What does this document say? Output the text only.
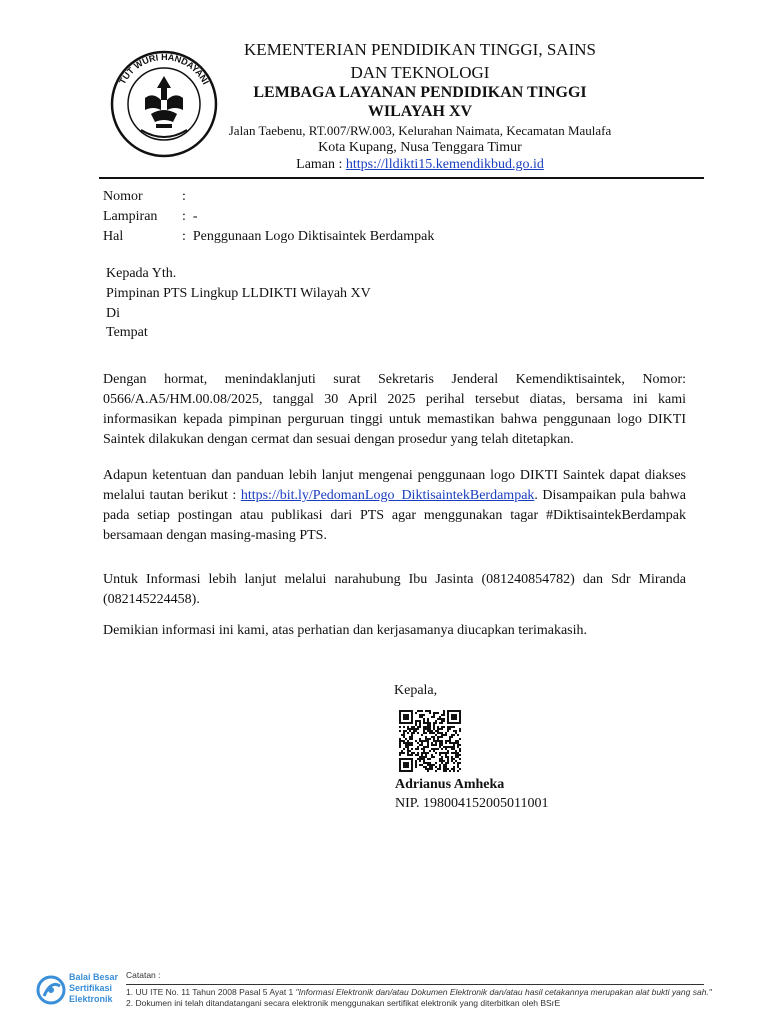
TUT WURI HANDAYANI
KEMENTERIAN PENDIDIKAN TINGGI, SAINS
DAN TEKNOLOGI
LEMBAGA LAYANAN PENDIDIKAN TINGGI
WILAYAH XV
Jalan Taebenu, RT.007/RW.003, Kelurahan Naimata, Kecamatan Maulafa
Kota Kupang, Nusa Tenggara Timur
Laman : https://lldikti15.kemendikbud.go.id
Nomor	:
Lampiran :  -
Hal	:  Penggunaan Logo Diktisaintek Berdampak
Kepada Yth.
Pimpinan PTS Lingkup LLDIKTI Wilayah XV
Di
Tempat
Dengan hormat, menindaklanjuti surat Sekretaris Jenderal Kemendiktisaintek, Nomor: 0566/A.A5/HM.00.08/2025, tanggal 30 April 2025 perihal tersebut diatas, bersama ini kami informasikan kepada pimpinan perguruan tinggi untuk memastikan bahwa penggunaan logo DIKTI Saintek dilakukan dengan cermat dan sesuai dengan prosedur yang telah ditetapkan.
Adapun ketentuan dan panduan lebih lanjut mengenai penggunaan logo DIKTI Saintek dapat diakses melalui tautan berikut : https://bit.ly/PedomanLogo_DiktisaintekBerdampak. Disampaikan pula bahwa pada setiap postingan atau publikasi dari PTS agar menggunakan tagar #DiktisaintekBerdampak bersamaan dengan masing-masing PTS.
Untuk Informasi lebih lanjut melalui narahubung Ibu Jasinta (081240854782) dan Sdr Miranda (082145224458).
Demikian informasi ini kami, atas perhatian dan kerjasamanya diucapkan terimakasih.
Kepala,
Adrianus Amheka
NIP. 198004152005011001
Balai Besar
Sertifikasi
Elektronik
Catatan :
1. UU ITE No. 11 Tahun 2008 Pasal 5 Ayat 1 "Informasi Elektronik dan/atau Dokumen Elektronik dan/atau hasil cetakannya merupakan alat bukti yang sah."
2. Dokumen ini telah ditandatangani secara elektronik menggunakan sertifikat elektronik yang diterbitkan oleh BSrE
